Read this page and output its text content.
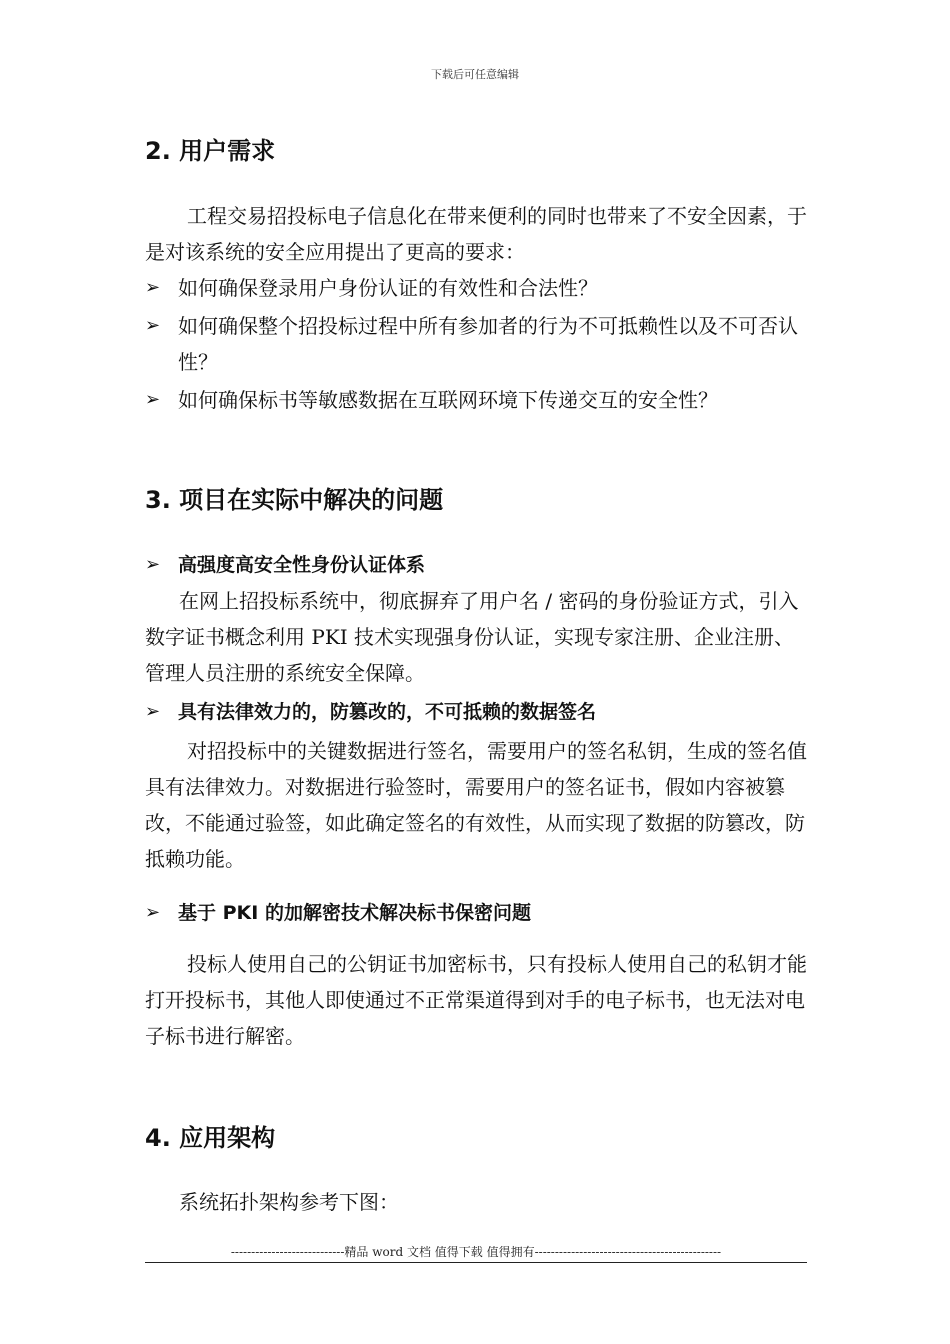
下载后可任意编辑
2. 用户需求

工程交易招投标电子信息化在带来便利的同时也带来了不安全因素，于是对该系统的安全应用提出了更高的要求：

➢ 如何确保登录用户身份认证的有效性和合法性？
➢ 如何确保整个招投标过程中所有参加者的行为不可抵赖性以及不可否认性？
➢ 如何确保标书等敏感数据在互联网环境下传递交互的安全性？
3. 项目在实际中解决的问题
➢ 高强度高安全性身份认证体系

在网上招投标系统中，彻底摒弃了用户名 / 密码的身份验证方式，引入数字证书概念利用 PKI 技术实现强身份认证，实现专家注册、企业注册、管理人员注册的系统安全保障。

➢ 具有法律效力的，防篡改的，不可抵赖的数据签名

对招投标中的关键数据进行签名，需要用户的签名私钥，生成的签名值具有法律效力。对数据进行验签时，需要用户的签名证书，假如内容被篡改，不能通过验签，如此确定签名的有效性，从而实现了数据的防篡改，防抵赖功能。

➢ 基于 PKI 的加解密技术解决标书保密问题

投标人使用自己的公钥证书加密标书，只有投标人使用自己的私钥才能打开投标书，其他人即使通过不正常渠道得到对手的电子标书，也无法对电子标书进行解密。

4. 应用架构

系统拓扑架构参考下图：

----------------------------精品 word 文档 值得下载 值得拥有----------------------------------------------
